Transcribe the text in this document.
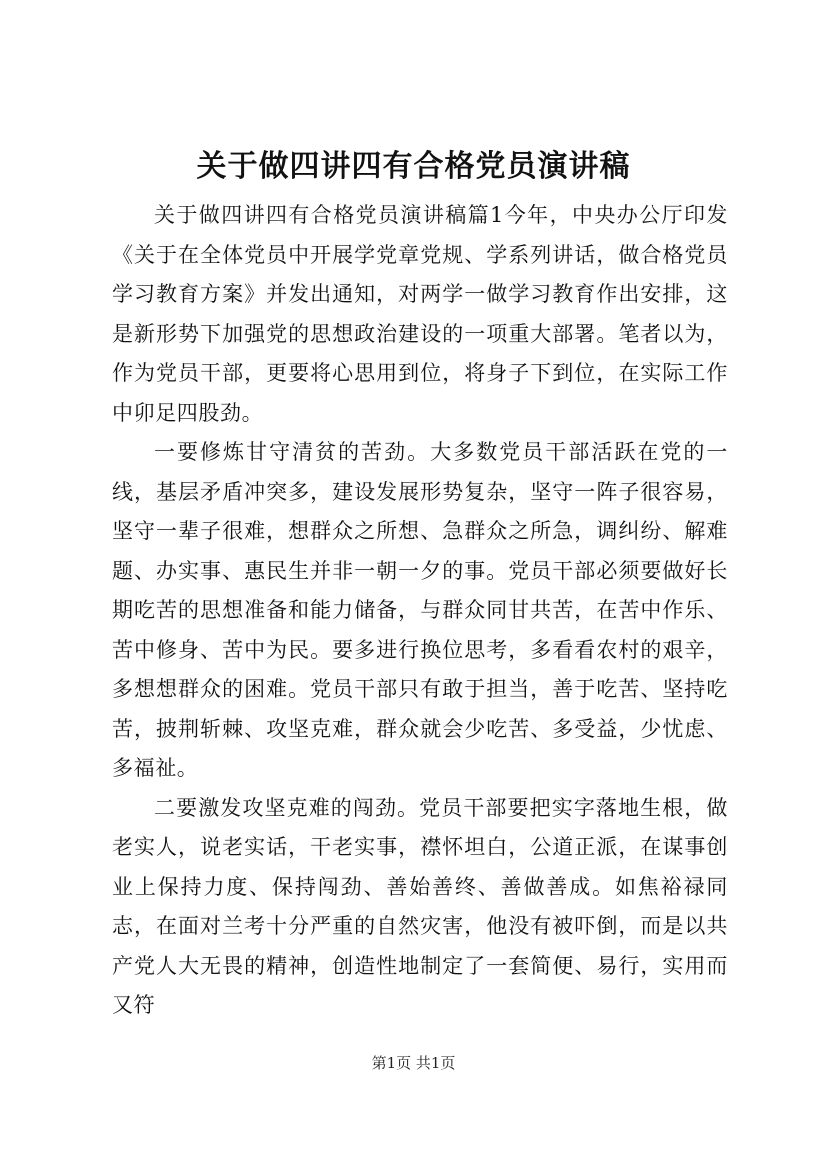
关于做四讲四有合格党员演讲稿

关于做四讲四有合格党员演讲稿篇1今年，中央办公厅印发《关于在全体党员中开展学党章党规、学系列讲话，做合格党员学习教育方案》并发出通知，对两学一做学习教育作出安排，这是新形势下加强党的思想政治建设的一项重大部署。笔者以为，作为党员干部，更要将心思用到位，将身子下到位，在实际工作中卯足四股劲。

一要修炼甘守清贫的苦劲。大多数党员干部活跃在党的一线，基层矛盾冲突多，建设发展形势复杂，坚守一阵子很容易，坚守一辈子很难，想群众之所想、急群众之所急，调纠纷、解难题、办实事、惠民生并非一朝一夕的事。党员干部必须要做好长期吃苦的思想准备和能力储备，与群众同甘共苦，在苦中作乐、苦中修身、苦中为民。要多进行换位思考，多看看农村的艰辛，多想想群众的困难。党员干部只有敢于担当，善于吃苦、坚持吃苦，披荆斩棘、攻坚克难，群众就会少吃苦、多受益，少忧虑、多福祉。

二要激发攻坚克难的闯劲。党员干部要把实字落地生根，做老实人，说老实话，干老实事，襟怀坦白，公道正派，在谋事创业上保持力度、保持闯劲、善始善终、善做善成。如焦裕禄同志，在面对兰考十分严重的自然灾害，他没有被吓倒，而是以共产党人大无畏的精神，创造性地制定了一套简便、易行，实用而又符

第1页 共1页
